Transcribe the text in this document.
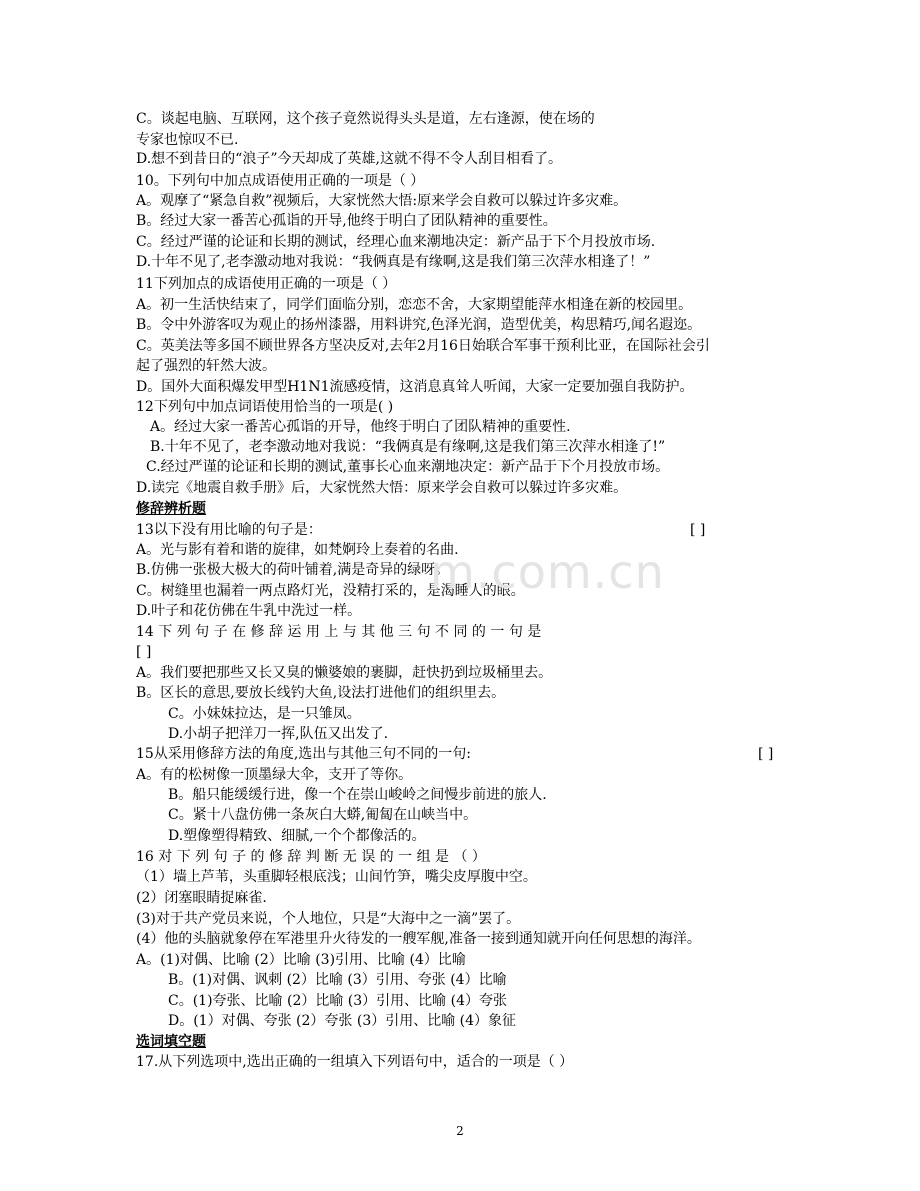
C。谈起电脑、互联网，这个孩子竟然说得头头是道，左右逢源，使在场的
专家也惊叹不已.
D.想不到昔日的“浪子”今天却成了英雄,这就不得不令人刮目相看了。
10。下列句中加点成语使用正确的一项是（ ）
A。观摩了“紧急自救”视频后，大家恍然大悟:原来学会自救可以躲过许多灾难。
B。经过大家一番苦心孤诣的开导,他终于明白了团队精神的重要性。
C。经过严谨的论证和长期的测试，经理心血来潮地决定：新产品于下个月投放市场.
D.十年不见了,老李激动地对我说：“我俩真是有缘啊,这是我们第三次萍水相逢了！”
11下列加点的成语使用正确的一项是（ ）
A。初一生活快结束了，同学们面临分别，恋恋不舍，大家期望能萍水相逢在新的校园里。
B。令中外游客叹为观止的扬州漆器，用料讲究,色泽光润，造型优美，构思精巧,闻名遐迩。
C。英美法等多国不顾世界各方坚决反对,去年2月16日始联合军事干预利比亚，在国际社会引
起了强烈的轩然大波。
D。国外大面积爆发甲型H1N1流感疫情，这消息真耸人听闻，大家一定要加强自我防护。
12下列句中加点词语使用恰当的一项是( )
A。经过大家一番苦心孤诣的开导，他终于明白了团队精神的重要性.
B.十年不见了，老李激动地对我说：“我俩真是有缘啊,这是我们第三次萍水相逢了!”
C.经过严谨的论证和长期的测试,董事长心血来潮地决定：新产品于下个月投放市场。
D.读完《地震自救手册》后，大家恍然大悟：原来学会自救可以躲过许多灾难。
修辞辨析题
13以下没有用比喻的句子是：
A。光与影有着和谐的旋律，如梵婀玲上奏着的名曲.
B.仿佛一张极大极大的荷叶铺着,满是奇异的绿呀。
C。树缝里也漏着一两点路灯光，没精打采的，是渴睡人的眼。
D.叶子和花仿佛在牛乳中洗过一样。
14 下 列 句 子 在 修 辞 运 用 上 与 其 他 三 句 不 同 的 一 句 是
[ ]
A。我们要把那些又长又臭的懒婆娘的裹脚，赶快扔到垃圾桶里去。
B。区长的意思,要放长线钓大鱼,设法打进他们的组织里去。
C。小妹妹拉达，是一只雏凤。
D.小胡子把洋刀一挥,队伍又出发了.
15从采用修辞方法的角度,选出与其他三句不同的一句:
A。有的松树像一顶墨绿大伞，支开了等你。
B。船只能缓缓行进，像一个在崇山峻岭之间慢步前进的旅人.
C。紧十八盘仿佛一条灰白大蟒,匍匐在山峡当中。
D.塑像塑得精致、细腻,一个个都像活的。
16 对 下 列 句 子 的 修 辞 判 断 无 误 的 一 组 是 （ ）
（1）墙上芦苇，头重脚轻根底浅；山间竹笋，嘴尖皮厚腹中空。
(2）闭塞眼睛捉麻雀.
(3)对于共产党员来说，个人地位，只是“大海中之一滴”罢了。
(4）他的头脑就象停在军港里升火待发的一艘军舰,准备一接到通知就开向任何思想的海洋。
A。(1)对偶、比喻 (2）比喻 (3)引用、比喻 (4）比喻
B。(1)对偶、讽刺 (2）比喻 (3）引用、夸张 (4）比喻
C。(1)夸张、比喻 (2）比喻 (3）引用、比喻 (4）夸张
D。(1）对偶、夸张 (2）夸张 (3）引用、比喻 (4）象征
选词填空题
17.从下列选项中,选出正确的一组填入下列语句中，适合的一项是（ ）
[ ]
[ ]
m.com.cn
2
